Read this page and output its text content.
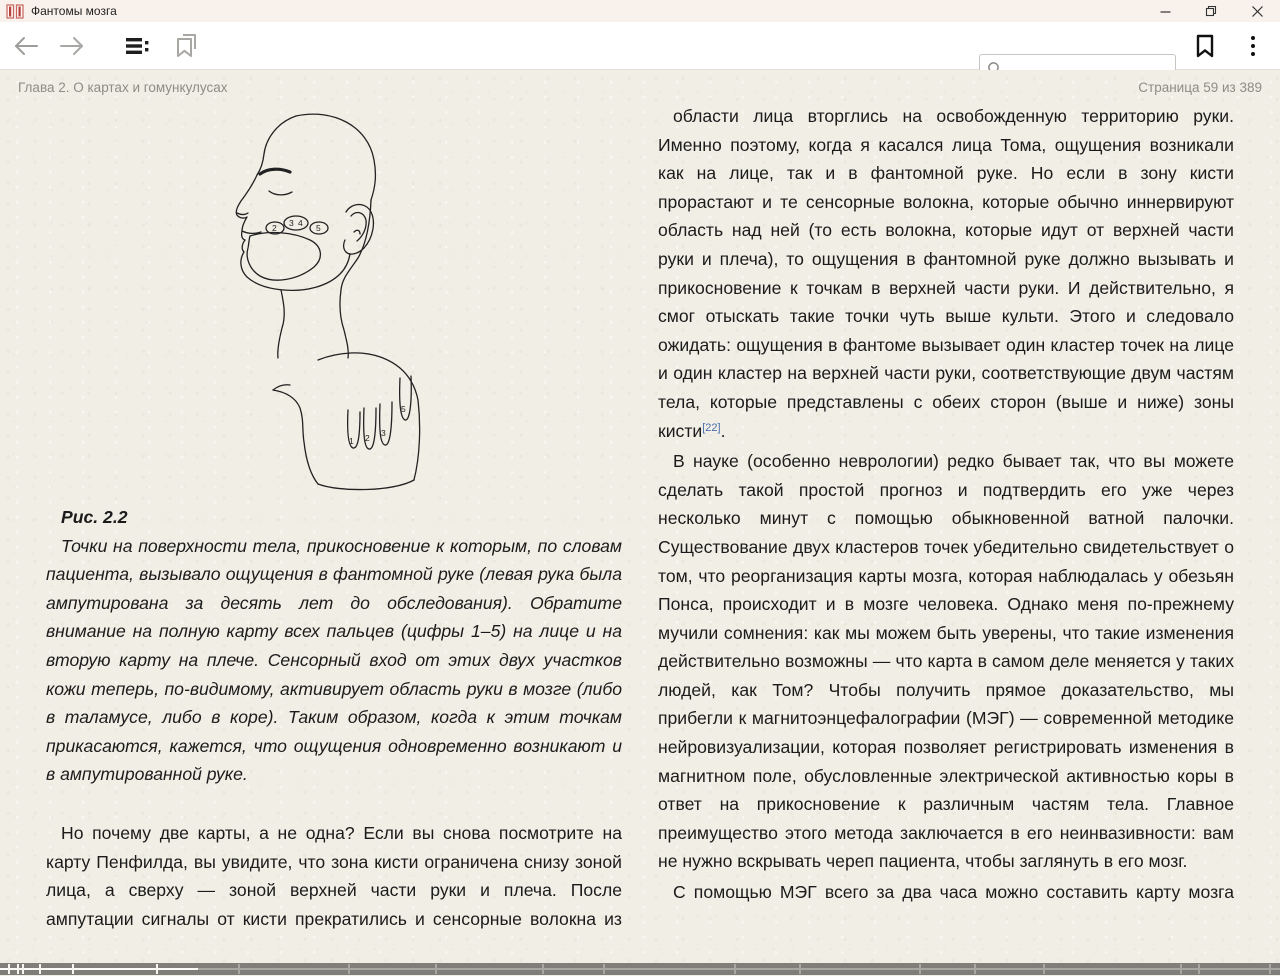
Фантомы мозга
Глава 2. О картах и гомункулусах	Страница 59 из 389
2 3 4 5
1 2 3
5
Рис. 2.2
Точки на поверхности тела, прикосновение к которым, по словам пациента, вызывало ощущения в фантомной руке (левая рука была ампутирована за десять лет до обследования). Обратите внимание на полную карту всех пальцев (цифры 1–5) на лице и на вторую карту на плече. Сенсорный вход от этих двух участков кожи теперь, по-видимому, активирует область руки в мозге (либо в таламусе, либо в коре). Таким образом, когда к этим точкам прикасаются, кажется, что ощущения одновременно возникают и в ампутированной руке.
Но почему две карты, а не одна? Если вы снова посмотрите на карту Пенфилда, вы увидите, что зона кисти ограничена снизу зоной лица, а сверху — зоной верхней части руки и плеча. После ампутации сигналы от кисти прекратились и сенсорные волокна из
области лица вторглись на освобожденную территорию руки. Именно поэтому, когда я касался лица Тома, ощущения возникали как на лице, так и в фантомной руке. Но если в зону кисти прорастают и те сенсорные волокна, которые обычно иннервируют область над ней (то есть волокна, которые идут от верхней части руки и плеча), то ощущения в фантомной руке должно вызывать и прикосновение к точкам в верхней части руки. И действительно, я смог отыскать такие точки чуть выше культи. Этого и следовало ожидать: ощущения в фантоме вызывает один кластер точек на лице и один кластер на верхней части руки, соответствующие двум частям тела, которые представлены с обеих сторон (выше и ниже) зоны кисти[22].
В науке (особенно неврологии) редко бывает так, что вы можете сделать такой простой прогноз и подтвердить его уже через несколько минут с помощью обыкновенной ватной палочки. Существование двух кластеров точек убедительно свидетельствует о том, что реорганизация карты мозга, которая наблюдалась у обезьян Понса, происходит и в мозге человека. Однако меня по-прежнему мучили сомнения: как мы можем быть уверены, что такие изменения действительно возможны — что карта в самом деле меняется у таких людей, как Том? Чтобы получить прямое доказательство, мы прибегли к магнитоэнцефалографии (МЭГ) — современной методике нейровизуализации, которая позволяет регистрировать изменения в магнитном поле, обусловленные электрической активностью коры в ответ на прикосновение к различным частям тела. Главное преимущество этого метода заключается в его неинвазивности: вам не нужно вскрывать череп пациента, чтобы заглянуть в его мозг.
С помощью МЭГ всего за два часа можно составить карту мозга
